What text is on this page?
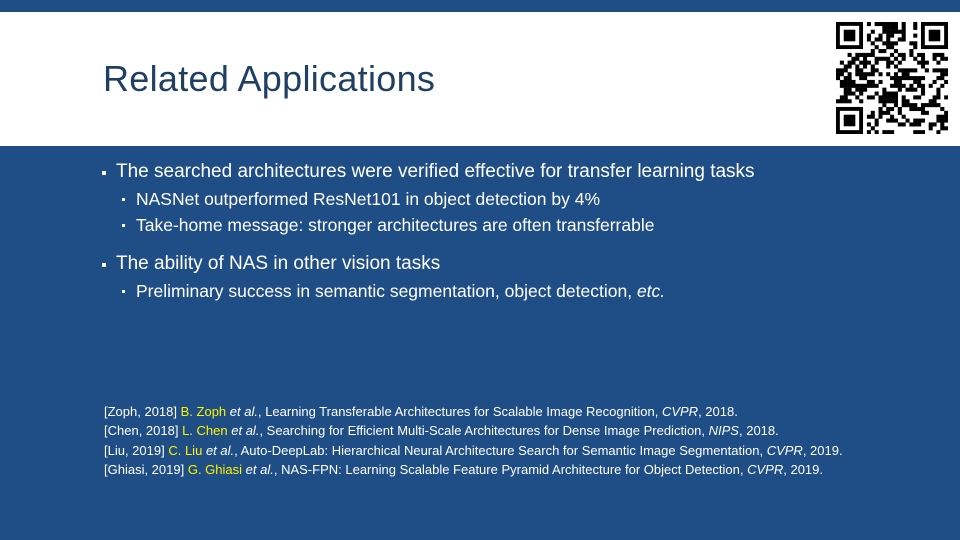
Related Applications
The searched architectures were verified effective for transfer learning tasks
NASNet outperformed ResNet101 in object detection by 4%
Take-home message: stronger architectures are often transferrable
The ability of NAS in other vision tasks
Preliminary success in semantic segmentation, object detection, etc.

[Zoph, 2018] B. Zoph et al., Learning Transferable Architectures for Scalable Image Recognition, CVPR, 2018.

[Chen, 2018] L. Chen et al., Searching for Efficient Multi-Scale Architectures for Dense Image Prediction, NIPS, 2018.

[Liu, 2019] C. Liu et al., Auto-DeepLab: Hierarchical Neural Architecture Search for Semantic Image Segmentation, CVPR, 2019.

[Ghiasi, 2019] G. Ghiasi et al., NAS-FPN: Learning Scalable Feature Pyramid Architecture for Object Detection, CVPR, 2019.
